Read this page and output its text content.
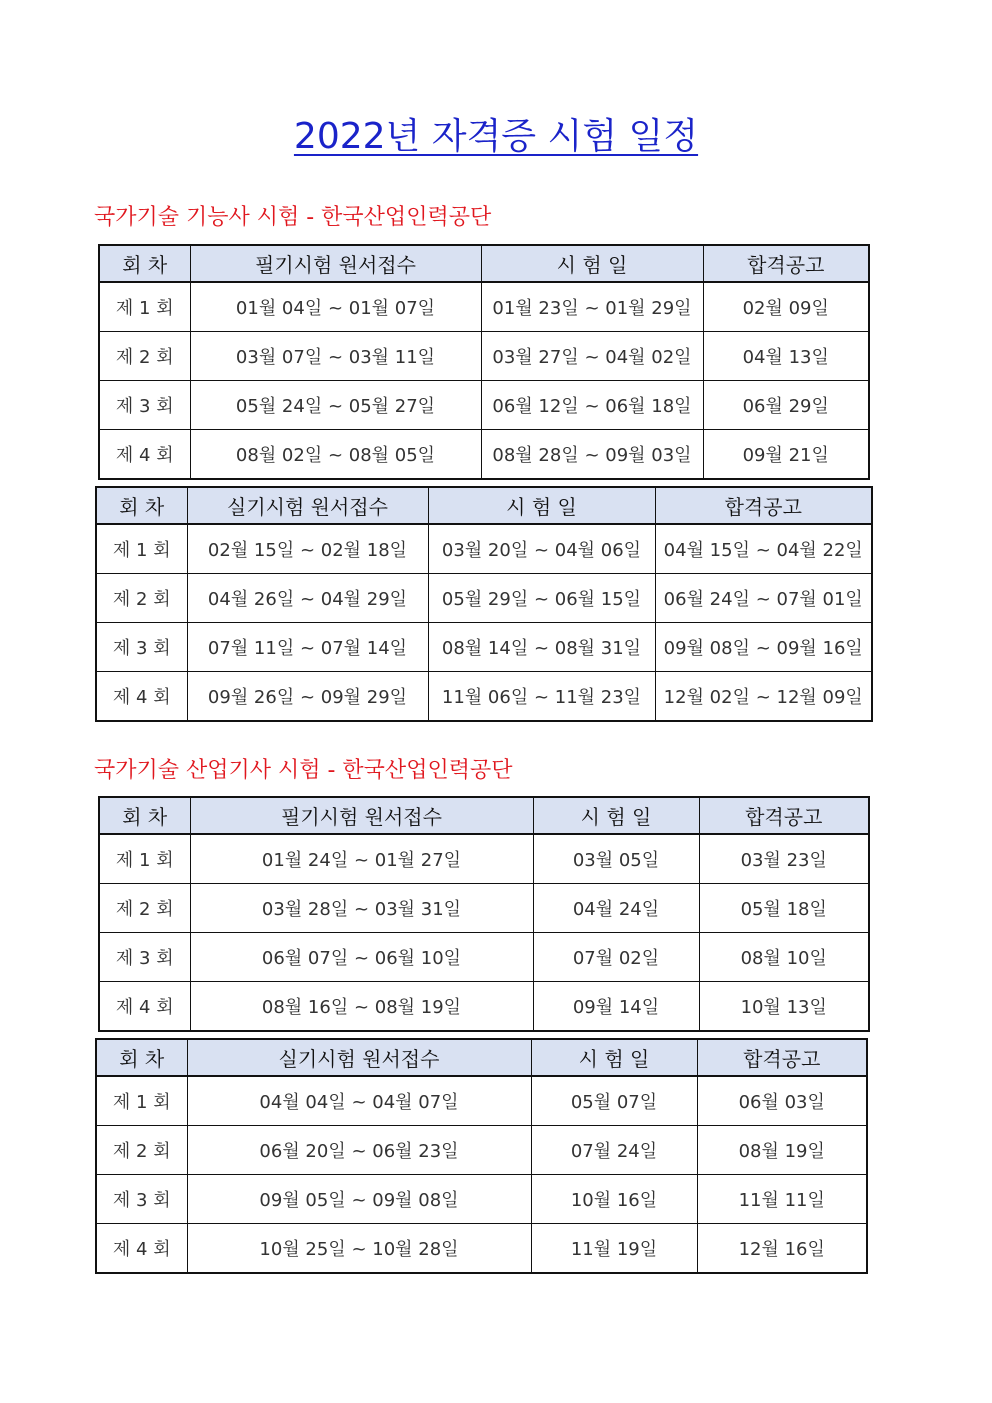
2022년 자격증 시험 일정
국가기술 기능사 시험 - 한국산업인력공단
회 차	필기시험 원서접수	시 험 일	합격공고
제 1 회	01월 04일 ~ 01월 07일	01월 23일 ~ 01월 29일	02월 09일
제 2 회	03월 07일 ~ 03월 11일	03월 27일 ~ 04월 02일	04월 13일
제 3 회	05월 24일 ~ 05월 27일	06월 12일 ~ 06월 18일	06월 29일
제 4 회	08월 02일 ~ 08월 05일	08월 28일 ~ 09월 03일	09월 21일
회 차	실기시험 원서접수	시 험 일	합격공고
제 1 회	02월 15일 ~ 02월 18일	03월 20일 ~ 04월 06일	04월 15일 ~ 04월 22일
제 2 회	04월 26일 ~ 04월 29일	05월 29일 ~ 06월 15일	06월 24일 ~ 07월 01일
제 3 회	07월 11일 ~ 07월 14일	08월 14일 ~ 08월 31일	09월 08일 ~ 09월 16일
제 4 회	09월 26일 ~ 09월 29일	11월 06일 ~ 11월 23일	12월 02일 ~ 12월 09일
국가기술 산업기사 시험 - 한국산업인력공단
회 차	필기시험 원서접수	시 험 일	합격공고
제 1 회	01월 24일 ~ 01월 27일	03월 05일	03월 23일
제 2 회	03월 28일 ~ 03월 31일	04월 24일	05월 18일
제 3 회	06월 07일 ~ 06월 10일	07월 02일	08월 10일
제 4 회	08월 16일 ~ 08월 19일	09월 14일	10월 13일
회 차	실기시험 원서접수	시 험 일	합격공고
제 1 회	04월 04일 ~ 04월 07일	05월 07일	06월 03일
제 2 회	06월 20일 ~ 06월 23일	07월 24일	08월 19일
제 3 회	09월 05일 ~ 09월 08일	10월 16일	11월 11일
제 4 회	10월 25일 ~ 10월 28일	11월 19일	12월 16일
